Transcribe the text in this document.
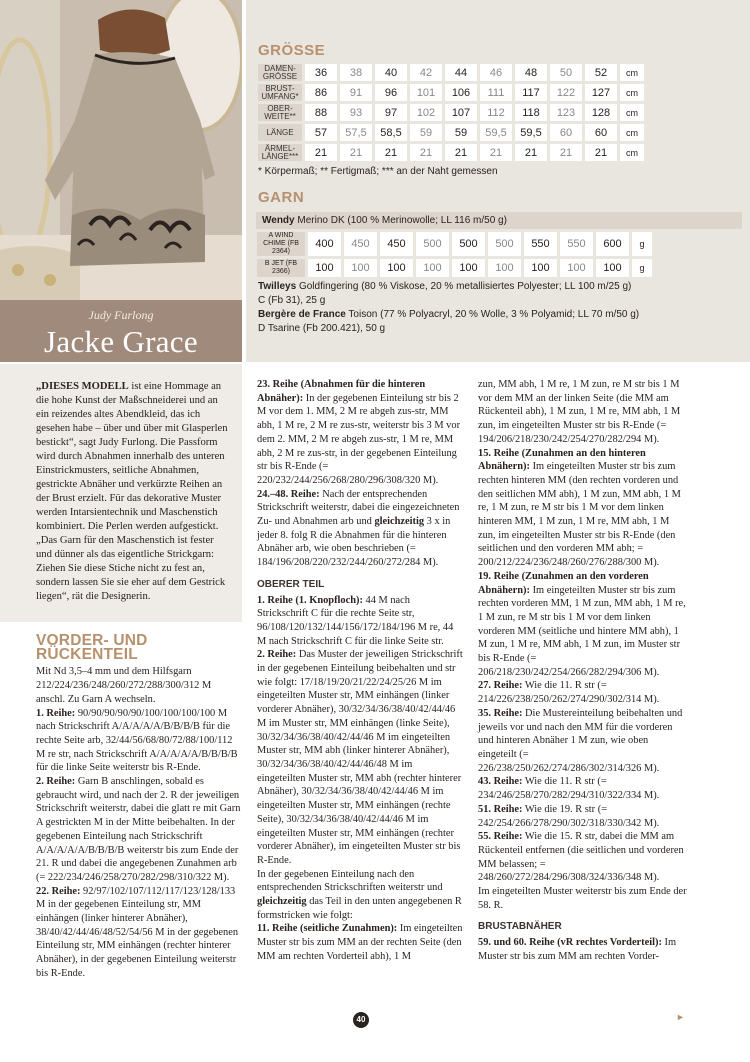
Judy Furlong
Jacke Grace
GRÖSSE
DAMEN- GRÖSSE	36	38	40	42	44	46	48	50	52	cm
BRUST- UMFANG*	86	91	96	101	106	111	117	122	127	cm
OBER- WEITE**	88	93	97	102	107	112	118	123	128	cm
LÄNGE	57	57,5	58,5	59	59	59,5	59,5	60	60	cm
ÄRMEL- LÄNGE***	21	21	21	21	21	21	21	21	21	cm
* Körpermaß; ** Fertigmaß; *** an der Naht gemessen
GARN
Wendy Merino DK (100 % Merinowolle; LL 116 m/50 g)
A WIND CHIME (FB 2364)	400	450	450	500	500	500	550	550	600	g
B JET (FB 2366)	100	100	100	100	100	100	100	100	100	g
Twilleys Goldfingering (80 % Viskose, 20 % metallisiertes Polyester; LL 100 m/25 g)
C (Fb 31), 25 g
Bergère de France Toison (77 % Polyacryl, 20 % Wolle, 3 % Polyamid; LL 70 m/50 g)
D Tsarine (Fb 200.421), 50 g

„DIESES MODELL ist eine Hommage an die hohe Kunst der Maßschneiderei und an ein reizendes altes Abendkleid, das ich gesehen habe – über und über mit Glasperlen bestickt“, sagt Judy Furlong. Die Passform wird durch Abnahmen innerhalb des unteren Einstrickmusters, seitliche Abnahmen, gestrickte Abnäher und verkürzte Reihen an der Brust erzielt. Für das dekorative Muster werden Intarsientechnik und Maschenstich kombiniert. Die Perlen werden aufgestickt. „Das Garn für den Maschenstich ist fester und dünner als das eigentliche Strickgarn: Ziehen Sie diese Stiche nicht zu fest an, sondern lassen Sie sie eher auf dem Gestrick liegen“, rät die Designerin.

VORDER- UND RÜCKENTEIL

Mit Nd 3,5–4 mm und dem Hilfsgarn 212/224/236/248/260/272/288/300/312 M anschl. Zu Garn A wechseln.

1. Reihe: 90/90/90/90/90/100/100/100/100 M nach Strickschrift A/A/A/A/A/B/B/B/B für die rechte Seite arb, 32/44/56/68/80/72/88/100/112 M re str, nach Strickschrift A/A/A/A/A/B/B/B/B für die linke Seite weiterstr bis R-Ende.

2. Reihe: Garn B anschlingen, sobald es gebraucht wird, und nach der 2. R der jeweiligen Strickschrift weiterstr, dabei die glatt re mit Garn A gestrickten M in der Mitte beibehalten. In der gegebenen Einteilung nach Strickschrift A/A/A/A/A/B/B/B/B weiterstr bis zum Ende der 21. R und dabei die angegebenen Zunahmen arb (= 222/234/246/258/270/282/298/310/322 M).

22. Reihe: 92/97/102/107/112/117/123/128/133 M in der gegebenen Einteilung str, MM einhängen (linker hinterer Abnäher), 38/40/42/44/46/48/52/54/56 M in der gegebenen Einteilung str, MM einhängen (rechter hinterer Abnäher), in der gegebenen Einteilung weiterstr bis R-Ende.

23. Reihe (Abnahmen für die hinteren Abnäher): In der gegebenen Einteilung str bis 2 M vor dem 1. MM, 2 M re abgeh zus-str, MM abh, 1 M re, 2 M re zus-str, weiterstr bis 3 M vor dem 2. MM, 2 M re abgeh zus-str, 1 M re, MM abh, 2 M re zus-str, in der gegebenen Einteilung str bis R-Ende (= 220/232/244/256/268/280/296/308/320 M).

24.–48. Reihe: Nach der entsprechenden Strickschrift weiterstr, dabei die eingezeichneten Zu- und Abnahmen arb und gleichzeitig 3 x in jeder 8. folg R die Abnahmen für die hinteren Abnäher arb, wie oben beschrieben (= 184/196/208/220/232/244/260/272/284 M).

OBERER TEIL

1. Reihe (1. Knopfloch): 44 M nach Strickschrift C für die rechte Seite str, 96/108/120/132/144/156/172/184/196 M re, 44 M nach Strickschrift C für die linke Seite str.

2. Reihe: Das Muster der jeweiligen Strickschrift in der gegebenen Einteilung beibehalten und str wie folgt: 17/18/19/20/21/22/24/25/26 M im eingeteilten Muster str, MM einhängen (linker vorderer Abnäher), 30/32/34/36/38/40/42/44/46 M im Muster str, MM einhängen (linke Seite), 30/32/34/36/38/40/42/44/46 M im eingeteilten Muster str, MM abh (linker hinterer Abnäher), 30/32/34/36/38/40/42/44/46/48 M im eingeteilten Muster str, MM abh (rechter hinterer Abnäher), 30/32/34/36/38/40/42/44/46 M im eingeteilten Muster str, MM einhängen (rechte Seite), 30/32/34/36/38/40/42/44/46 M im eingeteilten Muster str, MM einhängen (rechter vorderer Abnäher), im eingeteilten Muster str bis R-Ende.

In der gegebenen Einteilung nach den entsprechenden Strickschriften weiterstr und gleichzeitig das Teil in den unten angegebenen R formstricken wie folgt:

11. Reihe (seitliche Zunahmen): Im eingeteilten Muster str bis zum MM an der rechten Seite (den MM am rechten Vorderteil abh), 1 M

zun, MM abh, 1 M re, 1 M zun, re M str bis 1 M vor dem MM an der linken Seite (die MM am Rückenteil abh), 1 M zun, 1 M re, MM abh, 1 M zun, im eingeteilten Muster str bis R-Ende (= 194/206/218/230/242/254/270/282/294 M).

15. Reihe (Zunahmen an den hinteren Abnähern): Im eingeteilten Muster str bis zum rechten hinteren MM (den rechten vorderen und den seitlichen MM abh), 1 M zun, MM abh, 1 M re, 1 M zun, re M str bis 1 M vor dem linken hinteren MM, 1 M zun, 1 M re, MM abh, 1 M zun, im eingeteilten Muster str bis R-Ende (den seitlichen und den vorderen MM abh; = 200/212/224/236/248/260/276/288/300 M).

19. Reihe (Zunahmen an den vorderen Abnähern): Im eingeteilten Muster str bis zum rechten vorderen MM, 1 M zun, MM abh, 1 M re, 1 M zun, re M str bis 1 M vor dem linken vorderen MM (seitliche und hintere MM abh), 1 M zun, 1 M re, MM abh, 1 M zun, im Muster str bis R-Ende (= 206/218/230/242/254/266/282/294/306 M).

27. Reihe: Wie die 11. R str (= 214/226/238/250/262/274/290/302/314 M).

35. Reihe: Die Mustereinteilung beibehalten und jeweils vor und nach den MM für die vorderen und hinteren Abnäher 1 M zun, wie oben eingeteilt (= 226/238/250/262/274/286/302/314/326 M).

43. Reihe: Wie die 11. R str (= 234/246/258/270/282/294/310/322/334 M).

51. Reihe: Wie die 19. R str (= 242/254/266/278/290/302/318/330/342 M).

55. Reihe: Wie die 15. R str, dabei die MM am Rückenteil entfernen (die seitlichen und vorderen MM belassen; = 248/260/272/284/296/308/324/336/348 M).

Im eingeteilten Muster weiterstr bis zum Ende der 58. R.

BRUSTABNÄHER

59. und 60. Reihe (vR rechtes Vorderteil): Im Muster str bis zum MM am rechten Vorder-

40	►
